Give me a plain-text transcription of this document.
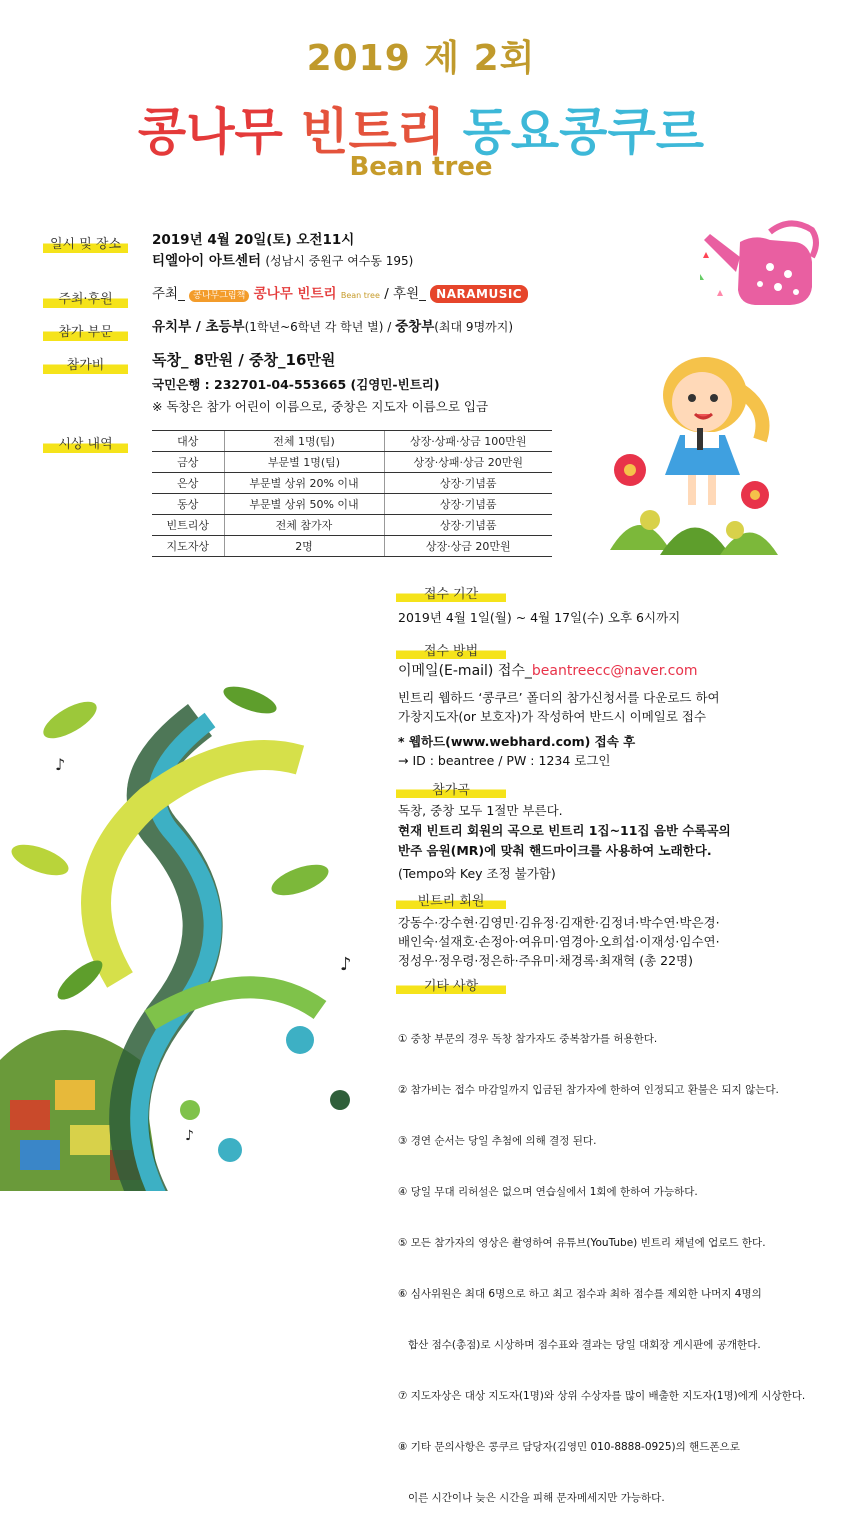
2019 제 2회
콩나무 빈트리 동요콩쿠르
Bean tree
일시 및 장소	2019년 4월 20일(토) 오전11시
티엘아이 아트센터 (성남시 중원구 여수동 195)
주최·후원	주최_ 콩나무그림책 콩나무 빈트리 Bean tree / 후원_ NARAMUSIC
참가 부문	유치부 / 초등부(1학년~6학년 각 학년 별) / 중창부(최대 9명까지)
참가비	독창_ 8만원 / 중창_16만원
국민은행 : 232701-04-553665 (김영민-빈트리)
※ 독창은 참가 어린이 이름으로, 중창은 지도자 이름으로 입금
시상 내역	대상	전체 1명(팀)	상장·상패·상금 100만원
금상	부문별 1명(팀)	상장·상패·상금 20만원
은상	부문별 상위 20% 이내	상장·기념품
동상	부문별 상위 50% 이내	상장·기념품
빈트리상	전체 참가자	상장·기념품
지도자상	2명	상장·상금 20만원
♪
♪
♪
접수 기간
2019년 4월 1일(월) ~ 4월 17일(수) 오후 6시까지
접수 방법
이메일(E-mail) 접수_beantreecc@naver.com
빈트리 웹하드 ‘콩쿠르’ 폴더의 참가신청서를 다운로드 하여
가창지도자(or 보호자)가 작성하여 반드시 이메일로 접수
* 웹하드(www.webhard.com) 접속 후
→ ID : beantree / PW : 1234 로그인
참가곡
독창, 중창 모두 1절만 부른다.
현재 빈트리 회원의 곡으로 빈트리 1집~11집 음반 수록곡의
반주 음원(MR)에 맞춰 핸드마이크를 사용하여 노래한다.
(Tempo와 Key 조정 불가함)
빈트리 회원
강동수·강수현·김영민·김유정·김재한·김정녀·박수연·박은경·
배인숙·설재호·손정아·여유미·염경아·오희섭·이재성·임수연·
정성우·정우령·정은하·주유미·채경록·최재혁 (총 22명)
기타 사항

① 중창 부문의 경우 독창 참가자도 중복참가를 허용한다.

② 참가비는 접수 마감일까지 입금된 참가자에 한하여 인정되고 환불은 되지 않는다.

③ 경연 순서는 당일 추첨에 의해 결정 된다.

④ 당일 무대 리허설은 없으며 연습실에서 1회에 한하여 가능하다.

⑤ 모든 참가자의 영상은 촬영하여 유튜브(YouTube) 빈트리 채널에 업로드 한다.

⑥ 심사위원은 최대 6명으로 하고 최고 점수과 최하 점수를 제외한 나머지 4명의

합산 점수(총점)로 시상하며 점수표와 결과는 당일 대회장 게시판에 공개한다.

⑦ 지도자상은 대상 지도자(1명)와 상위 수상자를 많이 배출한 지도자(1명)에게 시상한다.

⑧ 기타 문의사항은 콩쿠르 담당자(김영민 010-8888-0925)의 핸드폰으로

이른 시간이나 늦은 시간을 피해 문자메세지만 가능하다.
